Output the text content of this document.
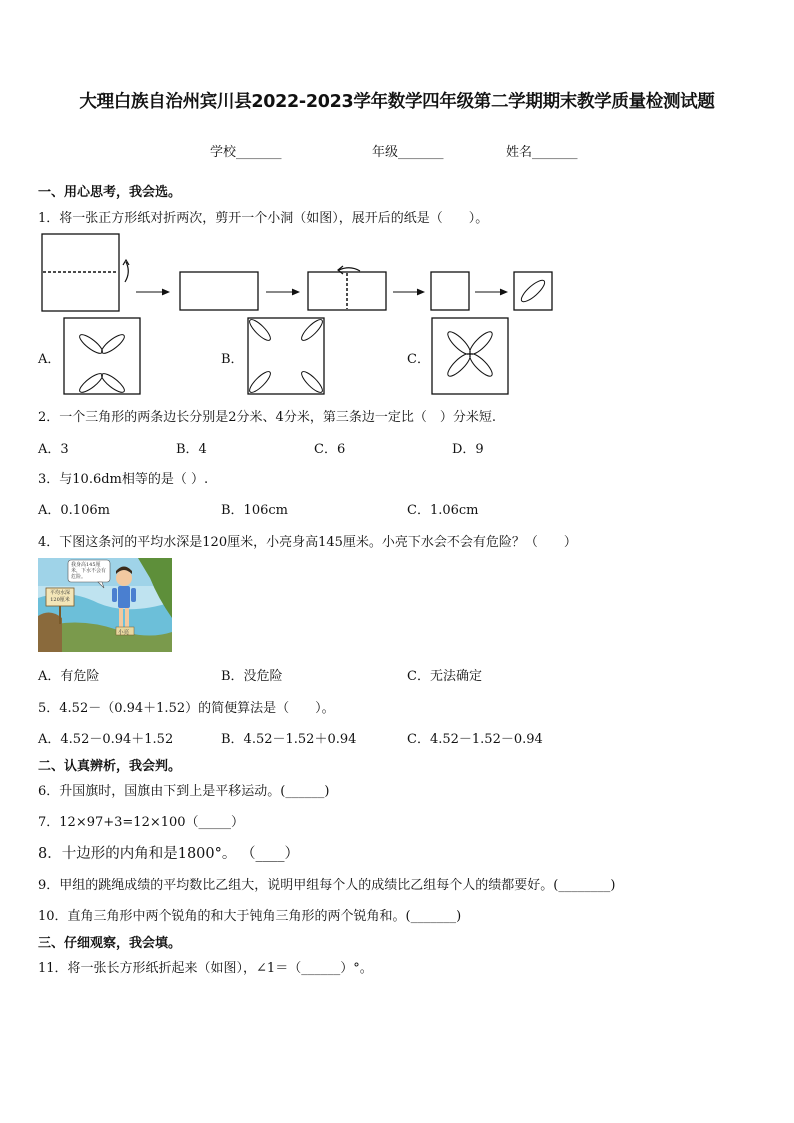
大理白族自治州宾川县2022-2023学年数学四年级第二学期期末教学质量检测试题
学校_______	年级_______	姓名_______
一、用心思考，我会选。
1．将一张正方形纸对折两次，剪开一个小洞（如图），展开后的纸是（　　）。
A．	B．	C．
2．一个三角形的两条边长分别是2分米、4分米，第三条边一定比（　）分米短.
A．3	B．4	C．6	D．9
3．与10.6dm相等的是（ ）.
A．0.106m	B．106cm	C．1.06cm
4．下图这条河的平均水深是120厘米，小亮身高145厘米。小亮下水会不会有危险？（　　）
我身高145厘米，下水不会有危险。
平均水深120厘米
小亮
A．有危险	B．没危险	C．无法确定
5．4.52－（0.94＋1.52）的简便算法是（　　）。
A．4.52－0.94＋1.52	B．4.52－1.52＋0.94	C．4.52－1.52－0.94
二、认真辨析，我会判。
6．升国旗时，国旗由下到上是平移运动。(______)
7．12×97+3=12×100（_____）
8．十边形的内角和是1800°。 （____）
9．甲组的跳绳成绩的平均数比乙组大，说明甲组每个人的成绩比乙组每个人的绩都要好。(________)
10．直角三角形中两个锐角的和大于钝角三角形的两个锐角和。(_______)
三、仔细观察，我会填。
11．将一张长方形纸折起来（如图），∠1＝（______）°。
